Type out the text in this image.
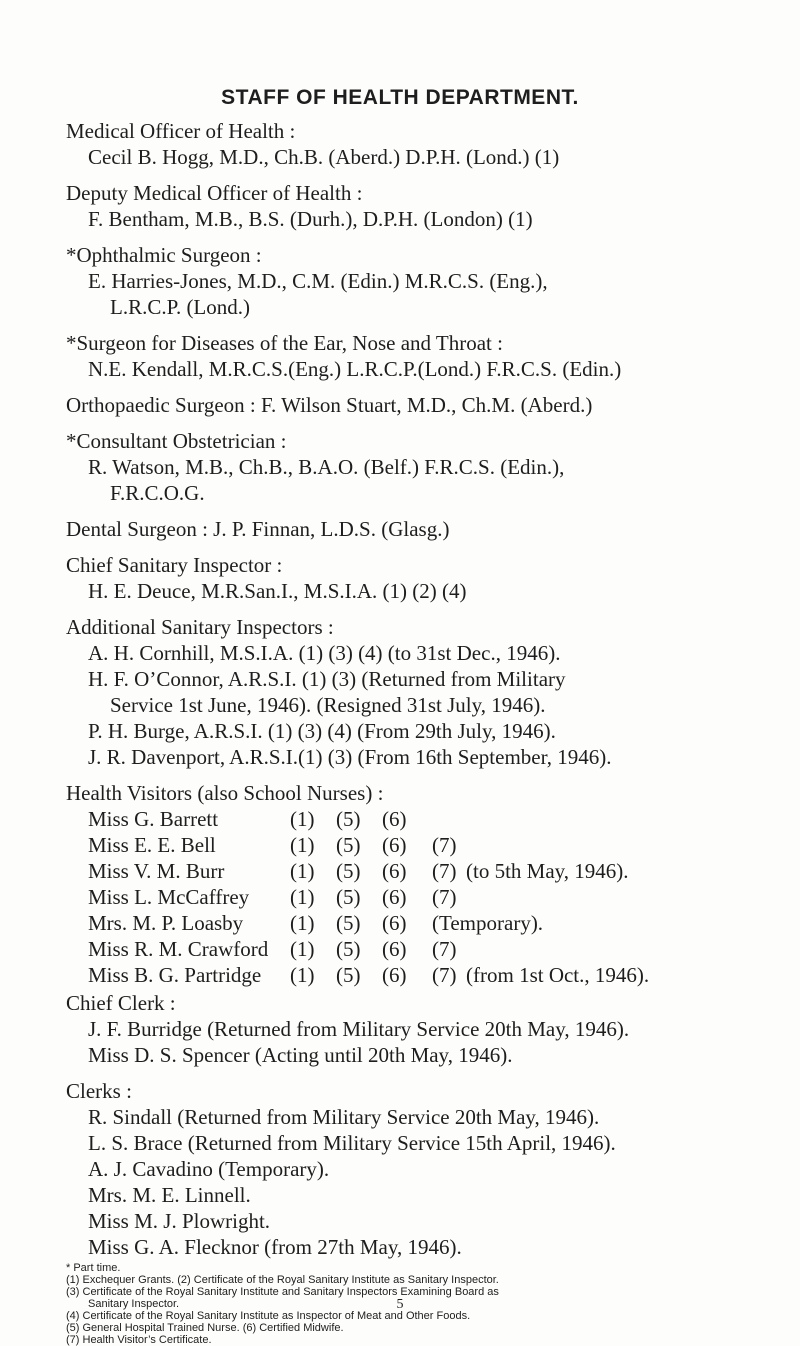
STAFF OF HEALTH DEPARTMENT.
Medical Officer of Health :
Cecil B. Hogg, M.D., Ch.B. (Aberd.) D.P.H. (Lond.) (1)
Deputy Medical Officer of Health :
F. Bentham, M.B., B.S. (Durh.), D.P.H. (London) (1)
*Ophthalmic Surgeon :
E. Harries-Jones, M.D., C.M. (Edin.) M.R.C.S. (Eng.),
L.R.C.P. (Lond.)
*Surgeon for Diseases of the Ear, Nose and Throat :
N.E. Kendall, M.R.C.S.(Eng.) L.R.C.P.(Lond.) F.R.C.S. (Edin.)
Orthopaedic Surgeon : F. Wilson Stuart, M.D., Ch.M. (Aberd.)
*Consultant Obstetrician :
R. Watson, M.B., Ch.B., B.A.O. (Belf.) F.R.C.S. (Edin.),
F.R.C.O.G.
Dental Surgeon : J. P. Finnan, L.D.S. (Glasg.)
Chief Sanitary Inspector :
H. E. Deuce, M.R.San.I., M.S.I.A. (1) (2) (4)
Additional Sanitary Inspectors :
A. H. Cornhill, M.S.I.A. (1) (3) (4) (to 31st Dec., 1946).
H. F. O’Connor, A.R.S.I. (1) (3) (Returned from Military
Service 1st June, 1946). (Resigned 31st July, 1946).
P. H. Burge, A.R.S.I. (1) (3) (4) (From 29th July, 1946).
J. R. Davenport, A.R.S.I.(1) (3) (From 16th September, 1946).
Health Visitors (also School Nurses) :
Miss G. Barrett	(1) (5) (6)
Miss E. E. Bell	(1) (5) (6) (7)
Miss V. M. Burr	(1) (5) (6) (7) (to 5th May, 1946).
Miss L. McCaffrey (1) (5) (6) (7)
Mrs. M. P. Loasby (1) (5) (6) (Temporary).
Miss R. M. Crawford (1) (5) (6) (7)
Miss B. G. Partridge (1) (5) (6) (7) (from 1st Oct., 1946).
Chief Clerk :
J. F. Burridge (Returned from Military Service 20th May, 1946).
Miss D. S. Spencer (Acting until 20th May, 1946).
Clerks :
R. Sindall (Returned from Military Service 20th May, 1946).
L. S. Brace (Returned from Military Service 15th April, 1946).
A. J. Cavadino (Temporary).
Mrs. M. E. Linnell.
Miss M. J. Plowright.
Miss G. A. Flecknor (from 27th May, 1946).
* Part time.
(1) Exchequer Grants. (2) Certificate of the Royal Sanitary Institute as Sanitary Inspector.
(3) Certificate of the Royal Sanitary Institute and Sanitary Inspectors Examining Board as
Sanitary Inspector.
(4) Certificate of the Royal Sanitary Institute as Inspector of Meat and Other Foods.
(5) General Hospital Trained Nurse. (6) Certified Midwife.
(7) Health Visitor’s Certificate.
5
